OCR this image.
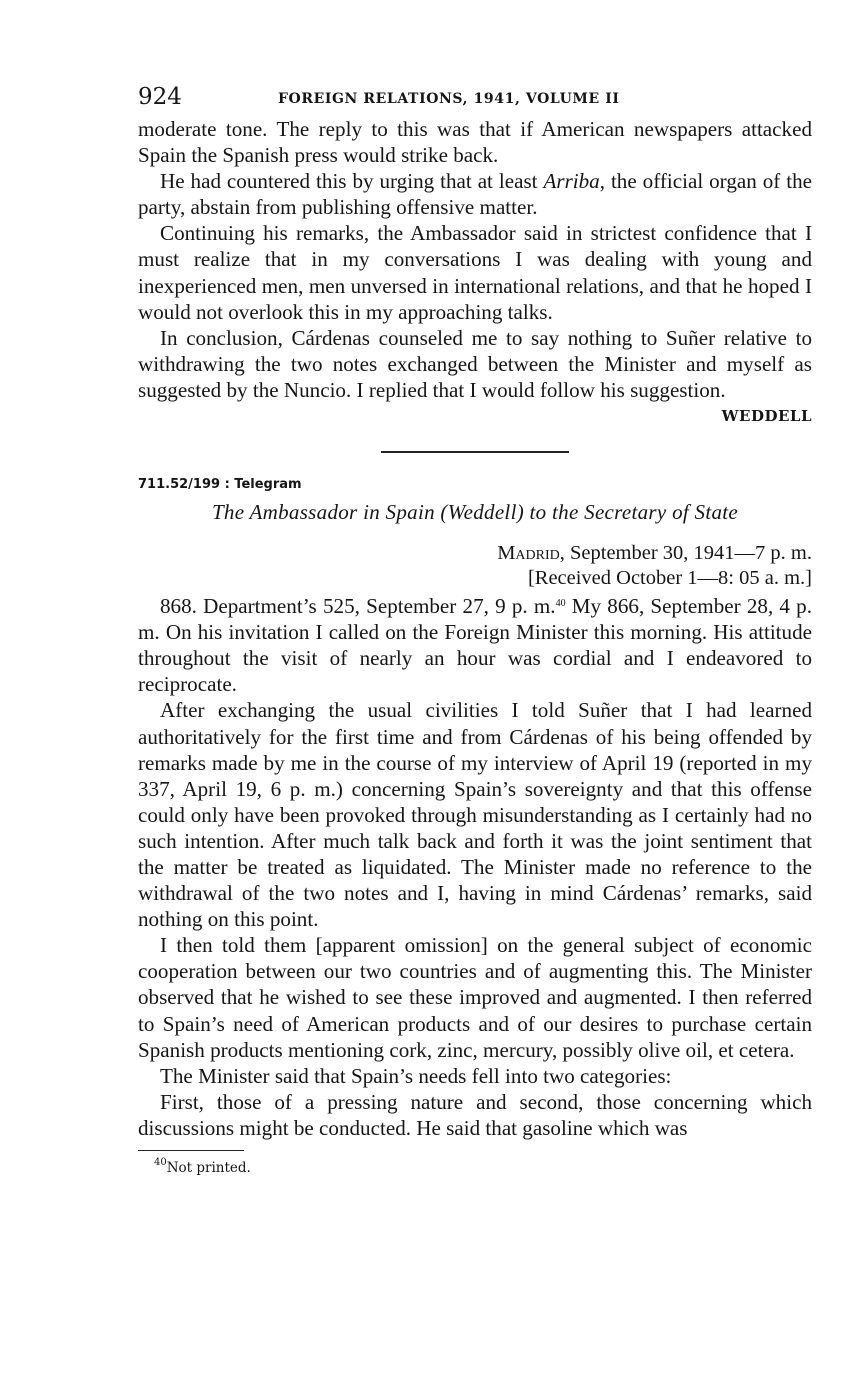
924	FOREIGN RELATIONS, 1941, VOLUME II

moderate tone. The reply to this was that if American newspapers attacked Spain the Spanish press would strike back.

He had countered this by urging that at least Arriba, the official organ of the party, abstain from publishing offensive matter.

Continuing his remarks, the Ambassador said in strictest confidence that I must realize that in my conversations I was dealing with young and inexperienced men, men unversed in international relations, and that he hoped I would not overlook this in my approaching talks.

In conclusion, Cárdenas counseled me to say nothing to Suñer relative to withdrawing the two notes exchanged between the Minister and myself as suggested by the Nuncio. I replied that I would follow his suggestion.

WEDDELL
711.52/199 : Telegram
The Ambassador in Spain (Weddell) to the Secretary of State
Madrid, September 30, 1941—7 p. m.
[Received October 1—8: 05 a. m.]

868. Department’s 525, September 27, 9 p. m.$^{40}$ My 866, September 28, 4 p. m. On his invitation I called on the Foreign Minister this morning. His attitude throughout the visit of nearly an hour was cordial and I endeavored to reciprocate.

After exchanging the usual civilities I told Suñer that I had learned authoritatively for the first time and from Cárdenas of his being offended by remarks made by me in the course of my interview of April 19 (reported in my 337, April 19, 6 p. m.) concerning Spain’s sovereignty and that this offense could only have been provoked through misunderstanding as I certainly had no such intention. After much talk back and forth it was the joint sentiment that the matter be treated as liquidated. The Minister made no reference to the withdrawal of the two notes and I, having in mind Cárdenas’ remarks, said nothing on this point.

I then told them [apparent omission] on the general subject of economic cooperation between our two countries and of augmenting this. The Minister observed that he wished to see these improved and augmented. I then referred to Spain’s need of American products and of our desires to purchase certain Spanish products mentioning cork, zinc, mercury, possibly olive oil, et cetera.

The Minister said that Spain’s needs fell into two categories:

First, those of a pressing nature and second, those concerning which discussions might be conducted. He said that gasoline which was

$^{40}$Not printed.
